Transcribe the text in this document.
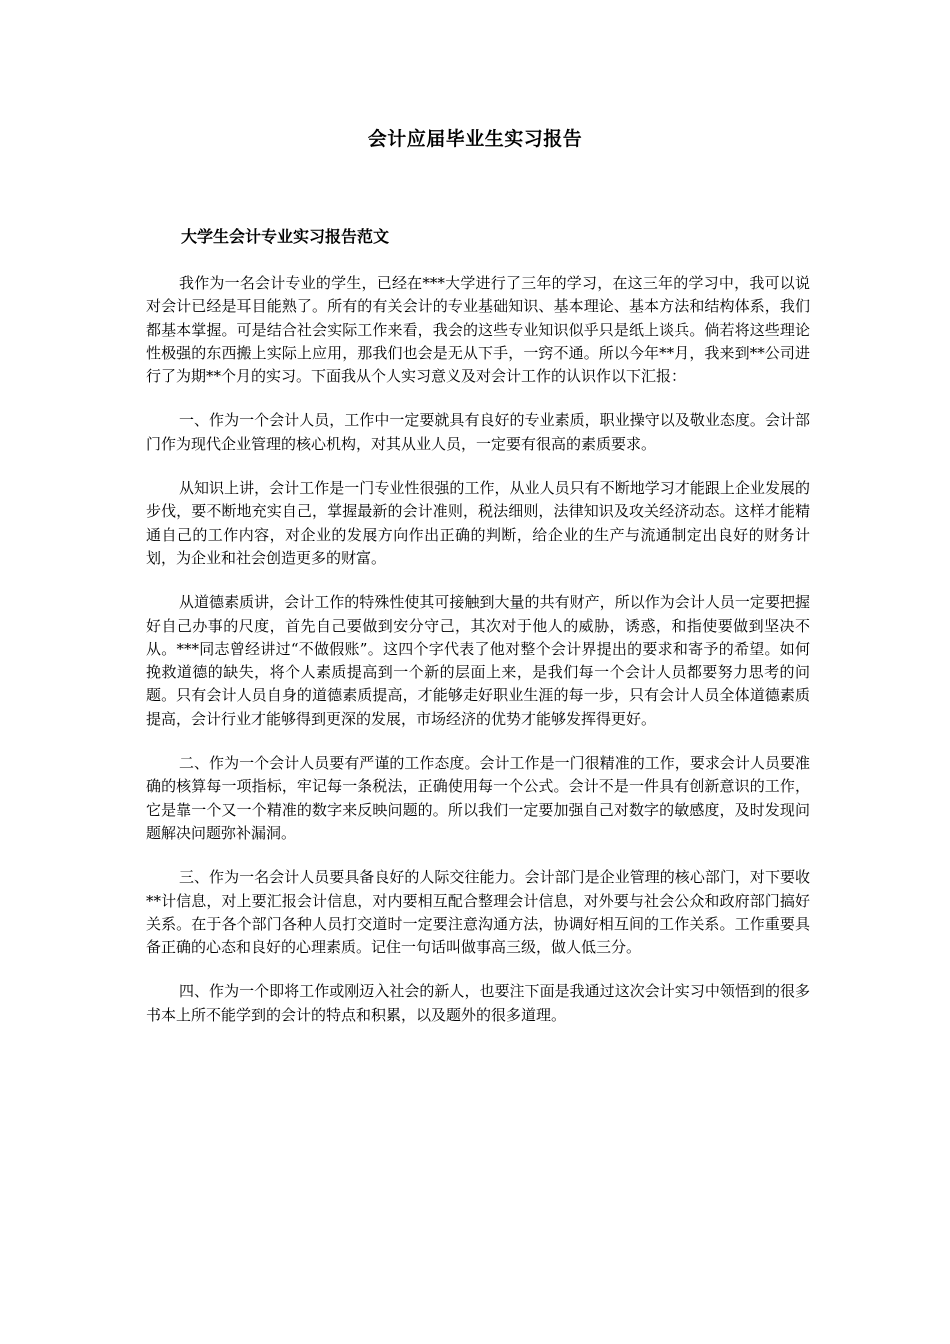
会计应届毕业生实习报告
大学生会计专业实习报告范文

我作为一名会计专业的学生，已经在***大学进行了三年的学习，在这三年的学习中，我可以说对会计已经是耳目能熟了。所有的有关会计的专业基础知识、基本理论、基本方法和结构体系，我们都基本掌握。可是结合社会实际工作来看，我会的这些专业知识似乎只是纸上谈兵。倘若将这些理论性极强的东西搬上实际上应用，那我们也会是无从下手，一窍不通。所以今年**月，我来到**公司进行了为期**个月的实习。下面我从个人实习意义及对会计工作的认识作以下汇报：

一、作为一个会计人员，工作中一定要就具有良好的专业素质，职业操守以及敬业态度。会计部门作为现代企业管理的核心机构，对其从业人员，一定要有很高的素质要求。

从知识上讲，会计工作是一门专业性很强的工作，从业人员只有不断地学习才能跟上企业发展的步伐，要不断地充实自己，掌握最新的会计准则，税法细则，法律知识及攻关经济动态。这样才能精通自己的工作内容，对企业的发展方向作出正确的判断，给企业的生产与流通制定出良好的财务计划，为企业和社会创造更多的财富。

从道德素质讲，会计工作的特殊性使其可接触到大量的共有财产，所以作为会计人员一定要把握好自己办事的尺度，首先自己要做到安分守己，其次对于他人的威胁，诱惑，和指使要做到坚决不从。***同志曾经讲过“不做假账”。这四个字代表了他对整个会计界提出的要求和寄予的希望。如何挽救道德的缺失，将个人素质提高到一个新的层面上来，是我们每一个会计人员都要努力思考的问题。只有会计人员自身的道德素质提高，才能够走好职业生涯的每一步，只有会计人员全体道德素质提高，会计行业才能够得到更深的发展，市场经济的优势才能够发挥得更好。

二、作为一个会计人员要有严谨的工作态度。会计工作是一门很精准的工作，要求会计人员要准确的核算每一项指标，牢记每一条税法，正确使用每一个公式。会计不是一件具有创新意识的工作，它是靠一个又一个精准的数字来反映问题的。所以我们一定要加强自己对数字的敏感度，及时发现问题解决问题弥补漏洞。

三、作为一名会计人员要具备良好的人际交往能力。会计部门是企业管理的核心部门，对下要收**计信息，对上要汇报会计信息，对内要相互配合整理会计信息，对外要与社会公众和政府部门搞好关系。在于各个部门各种人员打交道时一定要注意沟通方法，协调好相互间的工作关系。工作重要具备正确的心态和良好的心理素质。记住一句话叫做事高三级，做人低三分。

四、作为一个即将工作或刚迈入社会的新人，也要注下面是我通过这次会计实习中领悟到的很多书本上所不能学到的会计的特点和积累，以及题外的很多道理。
